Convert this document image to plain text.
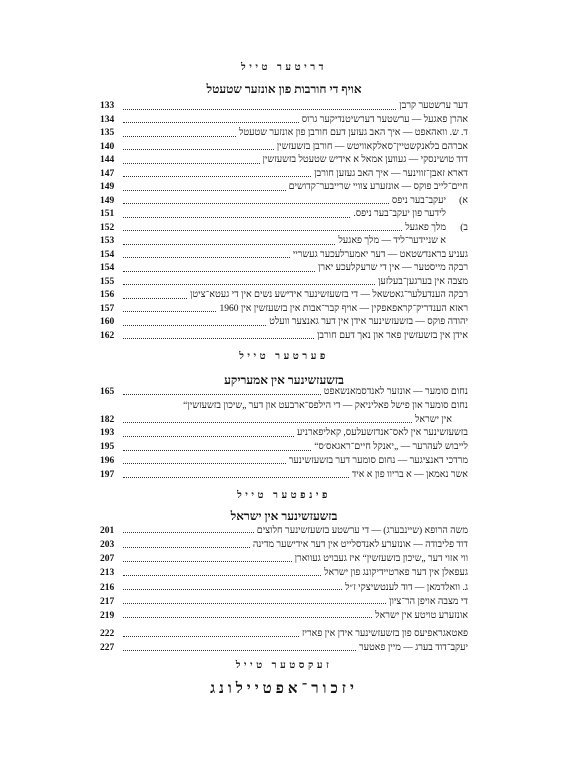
דריטער טייל
אויף די חורבות פון אונזער שטעטל
דער ערשטער קרבן
133
אהרן פאגעל — ערשטער דערשיטנדיקער גרוס
134
ד. ש. וואהאפט — איך האב געזען דעם חורבן פון אונזער שטעטל
135
אברהם בלאנקשטיין־סאלקאוויטש — חורבן בזשעזשין
140
דוד טושינסקי — געווען אמאל א אידיש שטעטל בזשעזשין
144
דארא זאבן־זווינער — איך האב געזען חורבן
147
חיים־לייב פוקס — אונזערע צוויי שרייבער־קדושים
149
א)
יעקב־בער ניפס
149
לידער פון יעקב־בער ניפס.
151
ב)
מלך פאגעל
152
א שניידער־ליד — מלך פאגעל
153
געניע בראנדשטאט — דער יאמערלעכער געשריי
154
רבקה מייסטער — אין די שרעקלעכע יארן
154
מצבה אין בערגען־בעלזען
155
רבקה הענדעלער־גאטשאל — די בזשעזשינער אידישע נשים אין די געטא־ציטן
156
ראזא הענדריק־קראפאפקין — אויף קבר־אבות אין בזשעזשין אין 1960
157
יהודה פוקס — בזשעזשינער אידן אין דער גאנצער וועלט
160
אידן אין בזשעזשין פאר און נאך דעם חורבן
162
פערטער טייל
בזשעזשינער אין אמעריקע
נחום סומער — אונזער לאנדסמאנשאפט
165
נחום סומער און פישל פאליניאק — די הילפס־ארבעט און דער „שיכון בזשעזשין“
אין ישראל
182
בזשעזשינער אין לאס־אנדזשעלעס, קאליפארניע
193
לייבוש לעהרער — „יאנקל חיים־ראגאס׳ס“
195
מרדכי דאנציגער — נחום סומער דער בזשעזשינער
196
אשר נאמאן — א בריוו פון א איד
197
פינפטער טייל
בזשעזשינער אין ישראל
משה הרופא (שיינבערג) — די ערשטע בזשעזשינער חלוצים
201
דוד פליבודה — אונזערע לאנדסלייט אין דער אידישער מדינה
203
ווי אזוי דער „שיכון בזשעזשין“ איז געבויט געווארן
207
געפאלן אין דער פארטיידיקונג פון ישראל
213
ג. וואלדמאן — דוד לענטשיצקי ז״ל
216
די מצבה אויפן הר־ציון
217
אונזערע טויטע אין ישראל
219
פאטאגראפיעס פון בזשעזשינער אידן אין פאריז
222
יעקב־דוד בערג — מיין פאטער
227
זעקסטער טייל
יזכור־אפטיילונג
